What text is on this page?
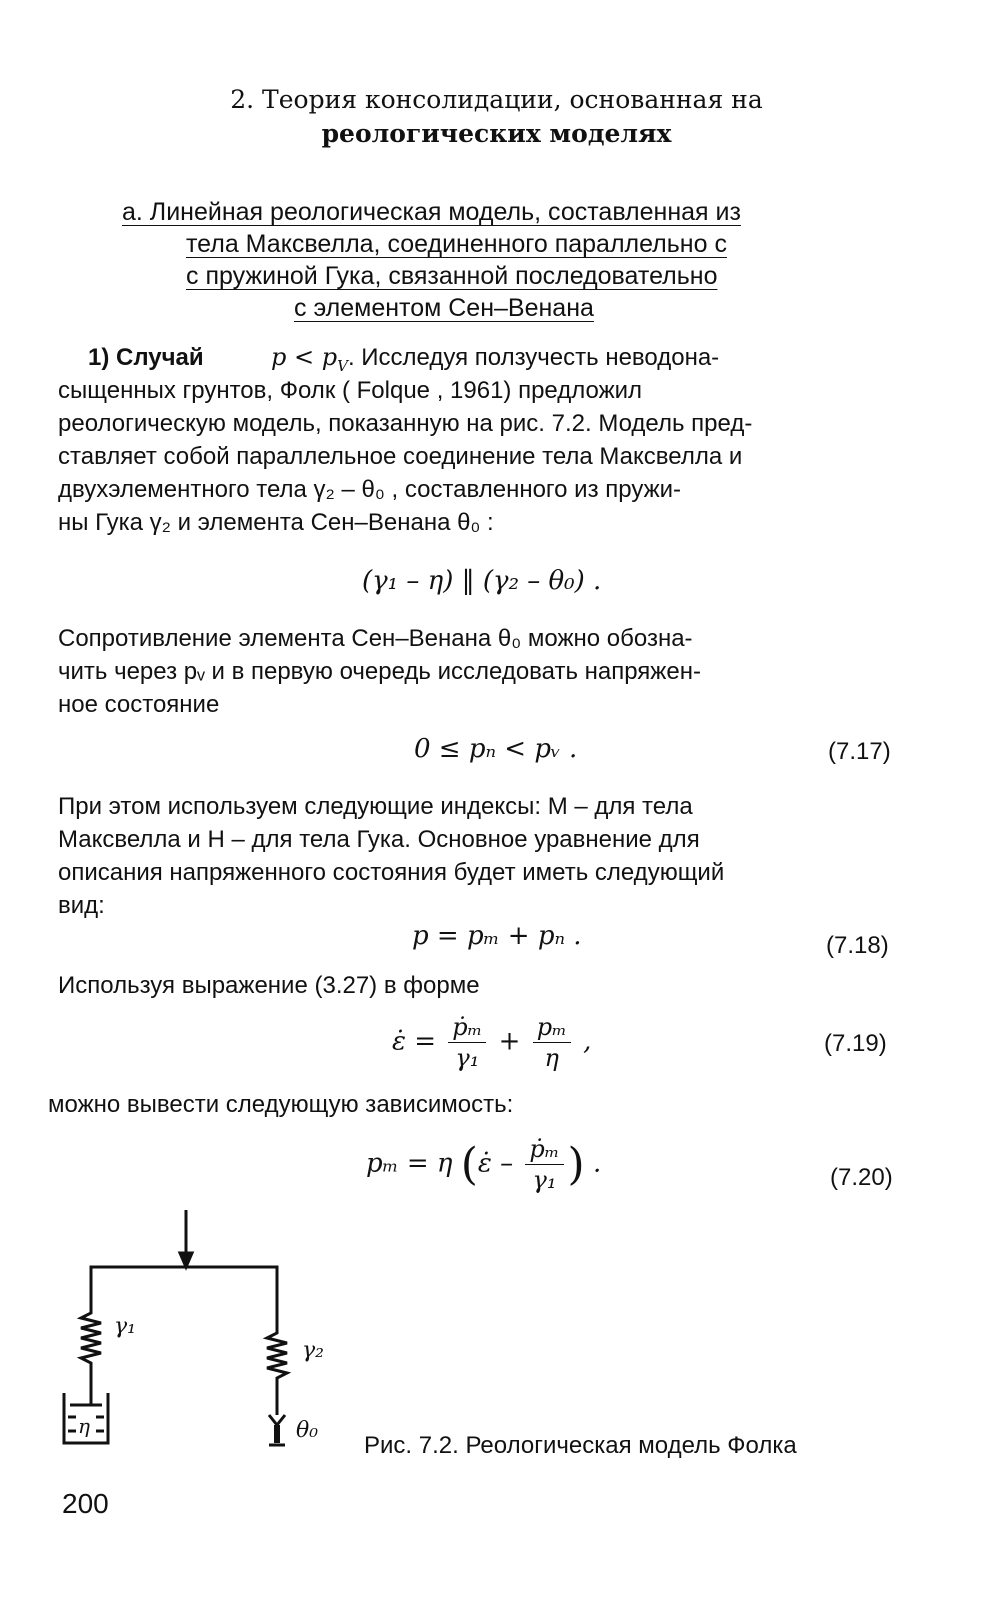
2. Теория консолидации, основанная на
реологических моделях
а. Линейная реологическая модель, составленная из
тела Максвелла, соединенного параллельно с
с пружиной Гука, связанной последовательно
с элементом Сен–Венана
1) Случай	$p < p_V$. Исследуя ползучесть неводона-
сыщенных грунтов, Фолк ( Folque , 1961) предложил
реологическую модель, показанную на рис. 7.2. Модель пред-
ставляет собой параллельное соединение тела Максвелла и
двухэлементного тела γ₂ – θ₀ , составленного из пружи-
ны Гука γ₂ и элемента Сен–Венана θ₀ :
(γ₁ – η) ‖ (γ₂ – θ₀) .
Сопротивление элемента Сен–Венана θ₀ можно обозна-
чить через pᵥ и в первую очередь исследовать напряжен-
ное состояние
0 ≤ pₙ < pᵥ .	(7.17)
При этом используем следующие индексы: М – для тела
Максвелла и Н – для тела Гука. Основное уравнение для
описания напряженного состояния будет иметь следующий
вид:
p = pₘ + pₙ .	(7.18)
Используя выражение (3.27) в форме
ε̇ = $\frac{\text{ṗₘ}}{\text{γ₁}} + \frac{\text{pₘ}}{\eta}$ ,	(7.19)
можно вывести следующую зависимость:
pₘ = η (ε̇ – $\frac{\text{ṗₘ}}{\text{γ₁}}$ ) .	(7.20)
γ₁
γ₂
η	θ₀
Рис. 7.2. Реологическая модель Фолка
200
